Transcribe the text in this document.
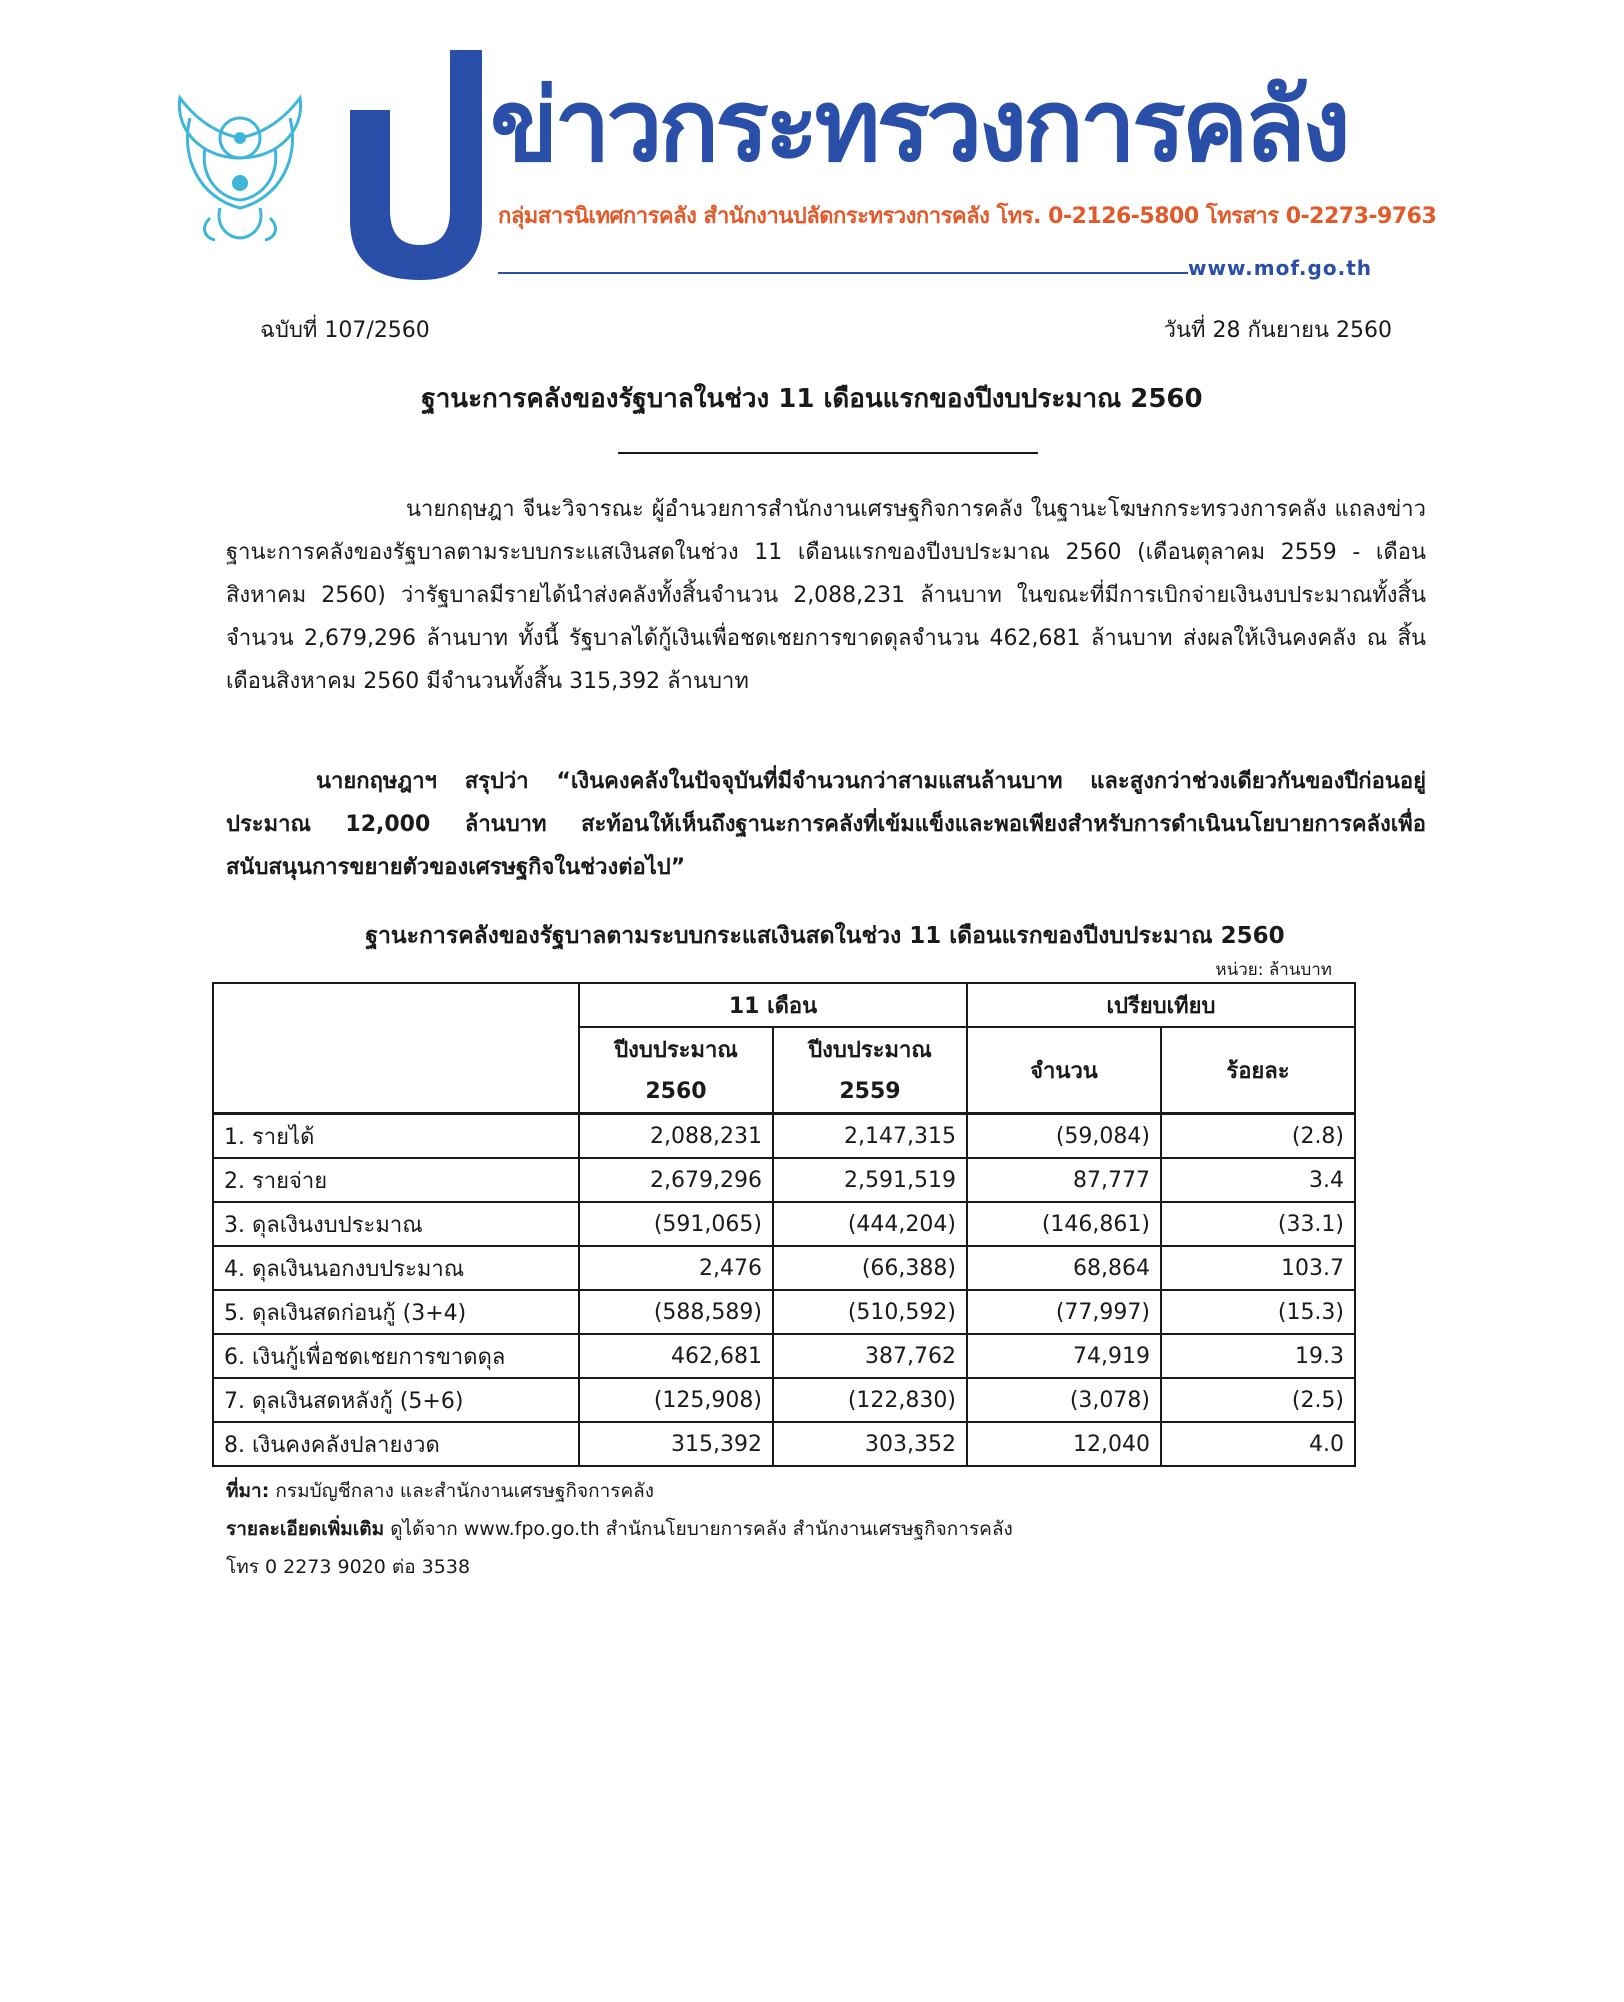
ข่าวกระทรวงการคลัง
กลุ่มสารนิเทศการคลัง สำนักงานปลัดกระทรวงการคลัง โทร. 0-2126-5800 โทรสาร 0-2273-9763
www.mof.go.th
ฉบับที่ 107/2560	วันที่ 28 กันยายน 2560
ฐานะการคลังของรัฐบาลในช่วง 11 เดือนแรกของปีงบประมาณ 2560
นายกฤษฎา จีนะวิจารณะ ผู้อำนวยการสำนักงานเศรษฐกิจการคลัง ในฐานะโฆษกกระทรวงการคลัง แถลงข่าวฐานะการคลังของรัฐบาลตามระบบกระแสเงินสดในช่วง 11 เดือนแรกของปีงบประมาณ 2560 (เดือนตุลาคม 2559 - เดือนสิงหาคม 2560) ว่ารัฐบาลมีรายได้นำส่งคลังทั้งสิ้นจำนวน 2,088,231 ล้านบาท ในขณะที่มีการเบิกจ่ายเงินงบประมาณทั้งสิ้นจำนวน 2,679,296 ล้านบาท ทั้งนี้ รัฐบาลได้กู้เงินเพื่อชดเชยการขาดดุลจำนวน 462,681 ล้านบาท ส่งผลให้เงินคงคลัง ณ สิ้นเดือนสิงหาคม 2560 มีจำนวนทั้งสิ้น 315,392 ล้านบาท
นายกฤษฎาฯ สรุปว่า “เงินคงคลังในปัจจุบันที่มีจำนวนกว่าสามแสนล้านบาท และสูงกว่าช่วงเดียวกันของปีก่อนอยู่ประมาณ 12,000 ล้านบาท สะท้อนให้เห็นถึงฐานะการคลังที่เข้มแข็งและพอเพียงสำหรับการดำเนินนโยบายการคลังเพื่อสนับสนุนการขยายตัวของเศรษฐกิจในช่วงต่อไป”
ฐานะการคลังของรัฐบาลตามระบบกระแสเงินสดในช่วง 11 เดือนแรกของปีงบประมาณ 2560
หน่วย: ล้านบาท
	11 เดือน		เปรียบเทียบ	
	ปีงบประมาณ	ปีงบประมาณ	จำนวน	ร้อยละ
	2560	2559		
1. รายได้	2,088,231	2,147,315	(59,084)	(2.8)
2. รายจ่าย	2,679,296	2,591,519	87,777	3.4
3. ดุลเงินงบประมาณ	(591,065)	(444,204)	(146,861)	(33.1)
4. ดุลเงินนอกงบประมาณ	2,476	(66,388)	68,864	103.7
5. ดุลเงินสดก่อนกู้ (3+4)	(588,589)	(510,592)	(77,997)	(15.3)
6. เงินกู้เพื่อชดเชยการขาดดุล	462,681	387,762	74,919	19.3
7. ดุลเงินสดหลังกู้ (5+6)	(125,908)	(122,830)	(3,078)	(2.5)
8. เงินคงคลังปลายงวด	315,392	303,352	12,040	4.0
ที่มา: กรมบัญชีกลาง และสำนักงานเศรษฐกิจการคลัง
รายละเอียดเพิ่มเติม ดูได้จาก www.fpo.go.th สำนักนโยบายการคลัง สำนักงานเศรษฐกิจการคลัง
โทร 0 2273 9020 ต่อ 3538
